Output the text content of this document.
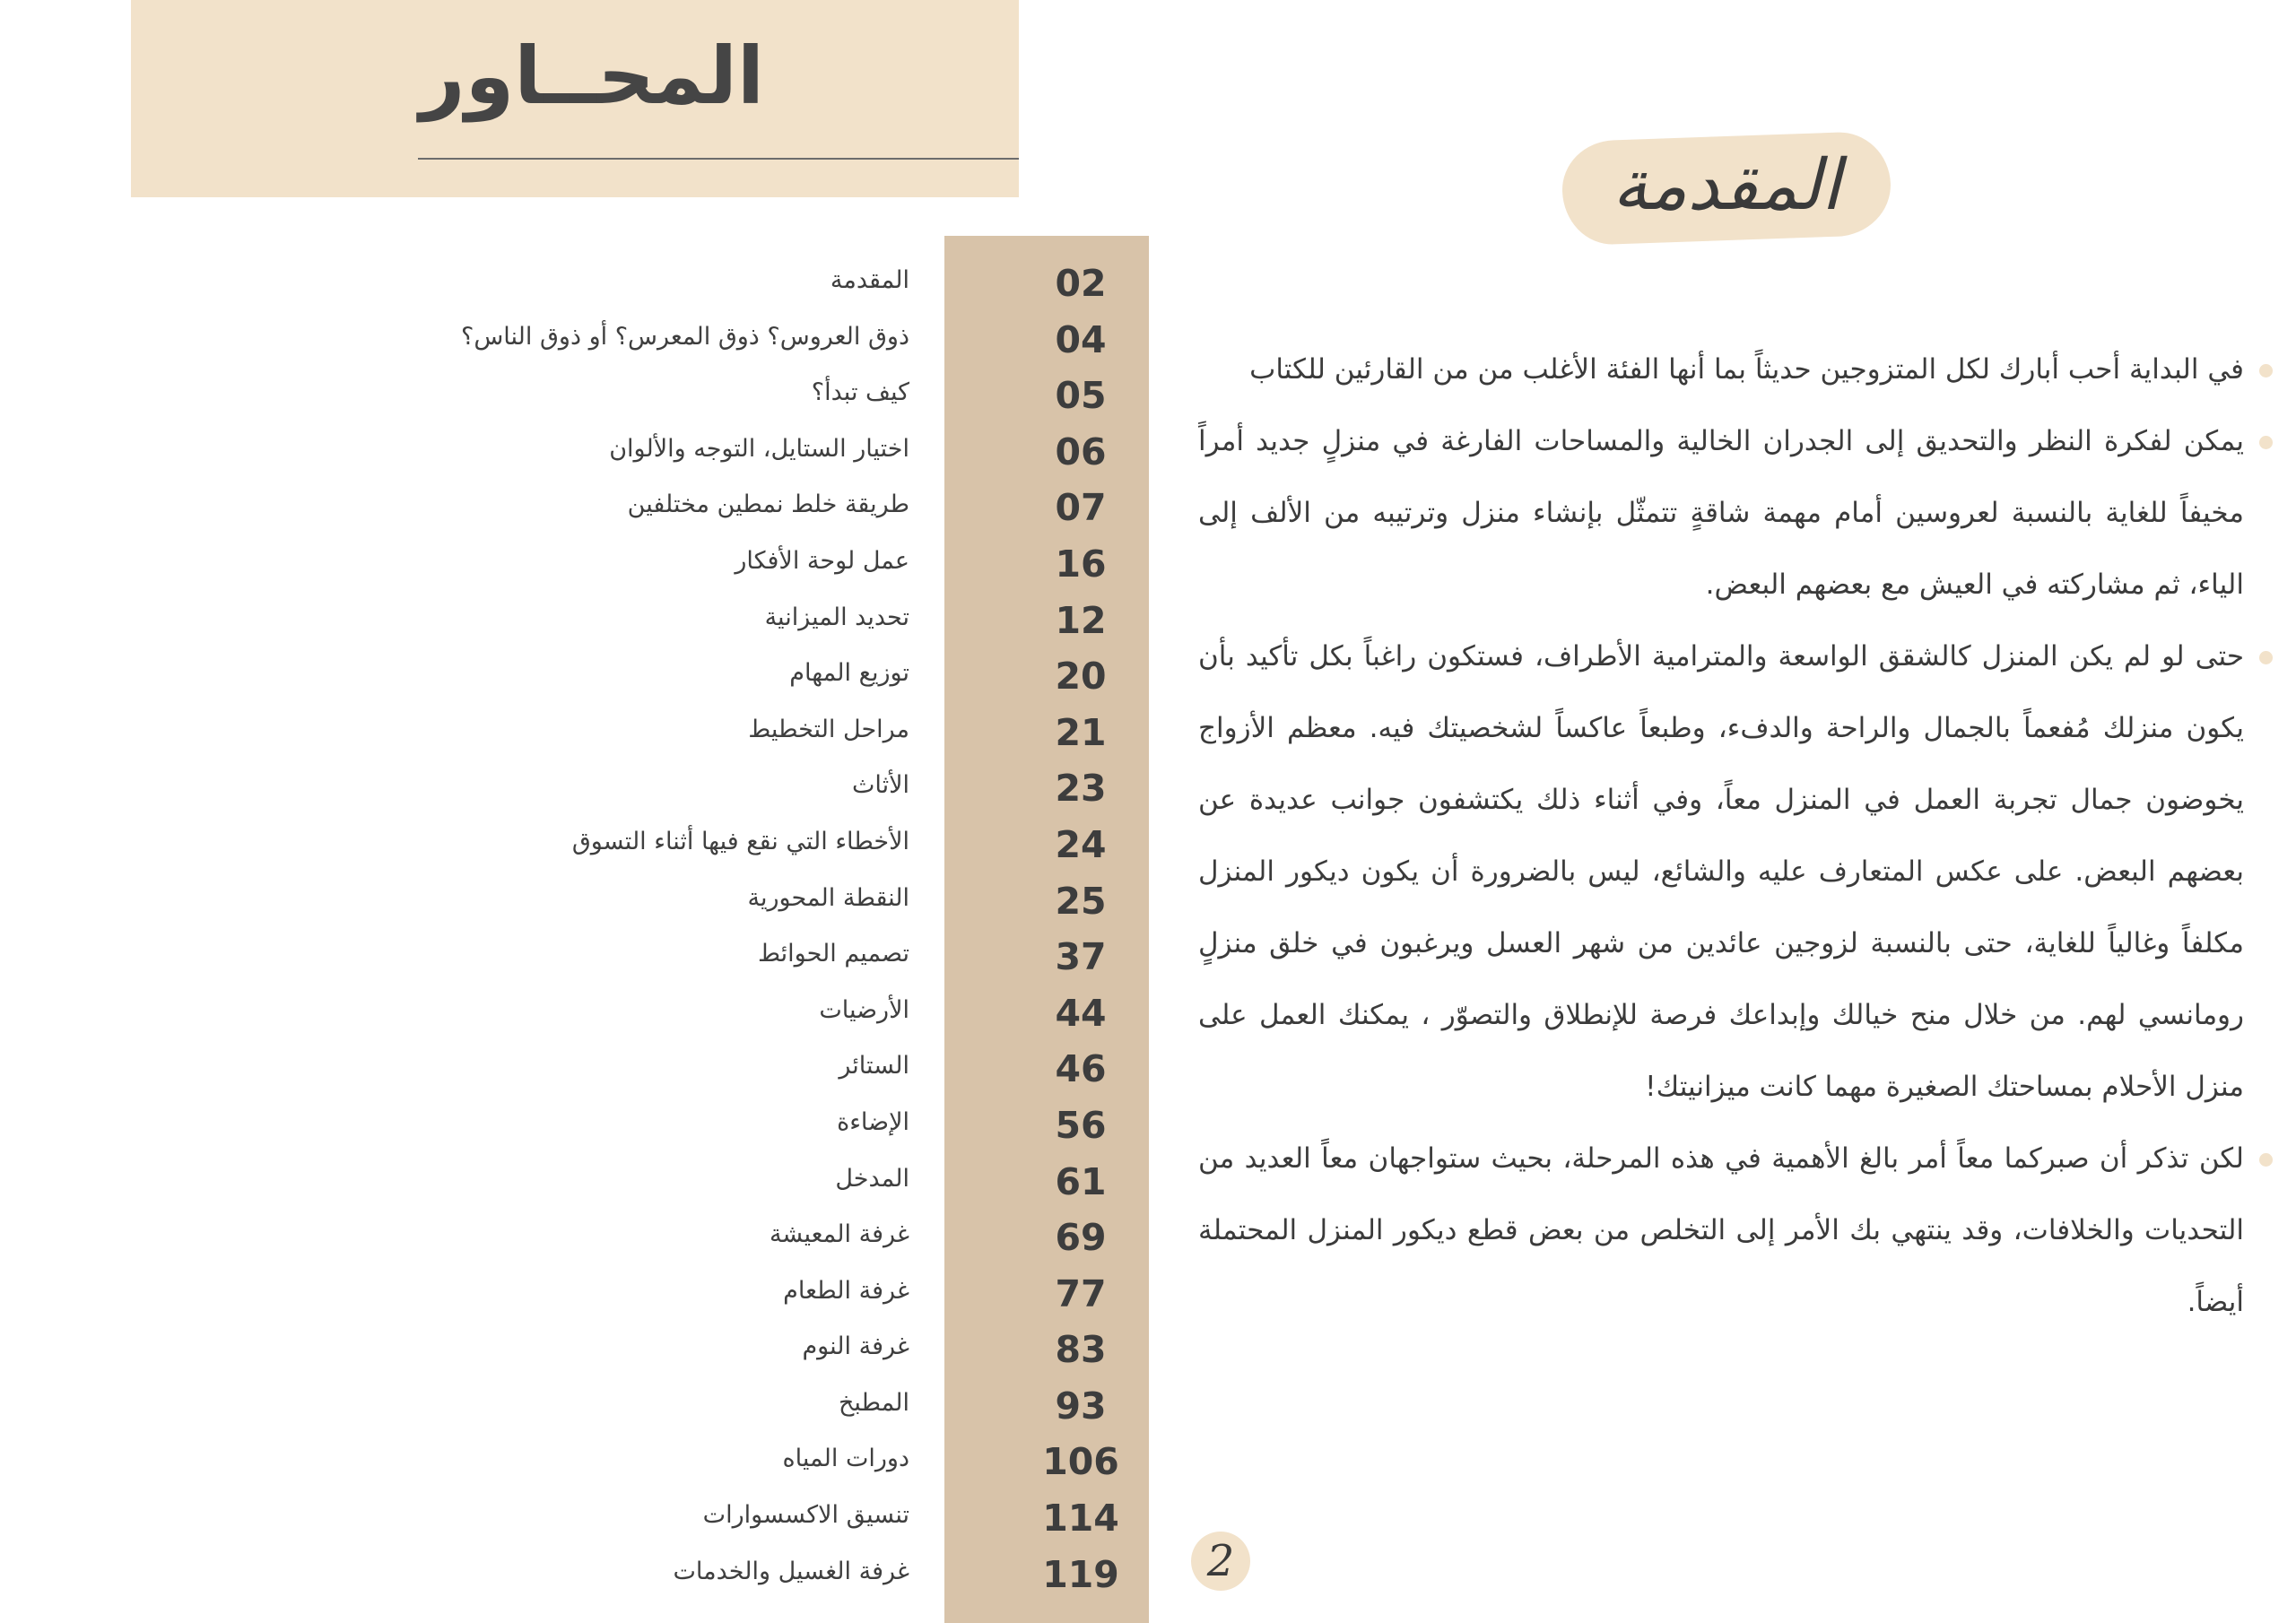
المحــاور
02
المقدمة
04
ذوق العروس؟ ذوق المعرس؟ أو ذوق الناس؟
05
كيف تبدأ؟
06
اختيار الستايل، التوجه والألوان
07
طريقة خلط نمطين مختلفين
16
عمل لوحة الأفكار
12
تحديد الميزانية
20
توزيع المهام
21
مراحل التخطيط
23
الأثاث
24
الأخطاء التي نقع فيها أثناء التسوق
25
النقطة المحورية
37
تصميم الحوائط
44
الأرضيات
46
الستائر
56
الإضاءة
61
المدخل
69
غرفة المعيشة
77
غرفة الطعام
83
غرفة النوم
93
المطبخ
106
دورات المياه
114
تنسيق الاكسسوارات
119
غرفة الغسيل والخدمات
المقدمة

في البداية أحب أبارك لكل المتزوجين حديثاً بما أنها الفئة الأغلب من من القارئين للكتاب

يمكن لفكرة النظر والتحديق إلى الجدران الخالية والمساحات الفارغة في منزلٍ جديد أمراً مخيفاً للغاية بالنسبة لعروسين أمام مهمة شاقةٍ تتمثّل بإنشاء منزل وترتيبه من الألف إلى الياء، ثم مشاركته في العيش مع بعضهم البعض.

حتى لو لم يكن المنزل كالشقق الواسعة والمترامية الأطراف، فستكون راغباً بكل تأكيد بأن يكون منزلك مُفعماً بالجمال والراحة والدفء، وطبعاً عاكساً لشخصيتك فيه. معظم الأزواج يخوضون جمال تجربة العمل في المنزل معاً، وفي أثناء ذلك يكتشفون جوانب عديدة عن بعضهم البعض. على عكس المتعارف عليه والشائع، ليس بالضرورة أن يكون ديكور المنزل مكلفاً وغالياً للغاية، حتى بالنسبة لزوجين عائدين من شهر العسل ويرغبون في خلق منزلٍ رومانسي لهم. من خلال منح خيالك وإبداعك فرصة للإنطلاق والتصوّر ، يمكنك العمل على منزل الأحلام بمساحتك الصغيرة مهما كانت ميزانيتك!

لكن تذكر أن صبركما معاً أمر بالغ الأهمية في هذه المرحلة، بحيث ستواجهان معاً العديد من التحديات والخلافات، وقد ينتهي بك الأمر إلى التخلص من بعض قطع ديكور المنزل المحتملة أيضاً.

2
